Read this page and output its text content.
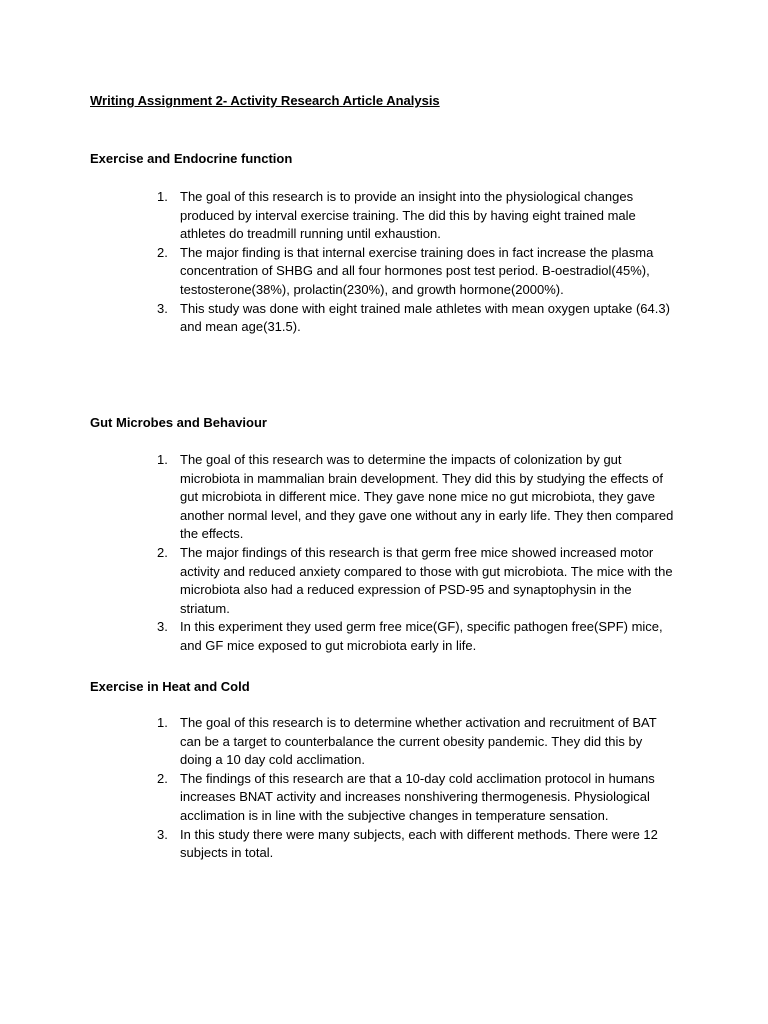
Writing Assignment 2- Activity Research Article Analysis
Exercise and Endocrine function
1. The goal of this research is to provide an insight into the physiological changes produced by interval exercise training. The did this by having eight trained male athletes do treadmill running until exhaustion.
2. The major finding is that internal exercise training does in fact increase the plasma concentration of SHBG and all four hormones post test period. B-oestradiol(45%), testosterone(38%), prolactin(230%), and growth hormone(2000%).
3. This study was done with eight trained male athletes with mean oxygen uptake (64.3) and mean age(31.5).
Gut Microbes and Behaviour
1. The goal of this research was to determine the impacts of colonization by gut microbiota in mammalian brain development. They did this by studying the effects of gut microbiota in different mice. They gave none mice no gut microbiota, they gave another normal level, and they gave one without any in early life. They then compared the effects.
2. The major findings of this research is that germ free mice showed increased motor activity and reduced anxiety compared to those with gut microbiota. The mice with the microbiota also had a reduced expression of PSD-95 and synaptophysin in the striatum.
3. In this experiment they used germ free mice(GF), specific pathogen free(SPF) mice, and GF mice exposed to gut microbiota early in life.
Exercise in Heat and Cold
1. The goal of this research is to determine whether activation and recruitment of BAT can be a target to counterbalance the current obesity pandemic. They did this by doing a 10 day cold acclimation.
2. The findings of this research are that a 10-day cold acclimation protocol in humans increases BNAT activity and increases nonshivering thermogenesis. Physiological acclimation is in line with the subjective changes in temperature sensation.
3. In this study there were many subjects, each with different methods. There were 12 subjects in total.
